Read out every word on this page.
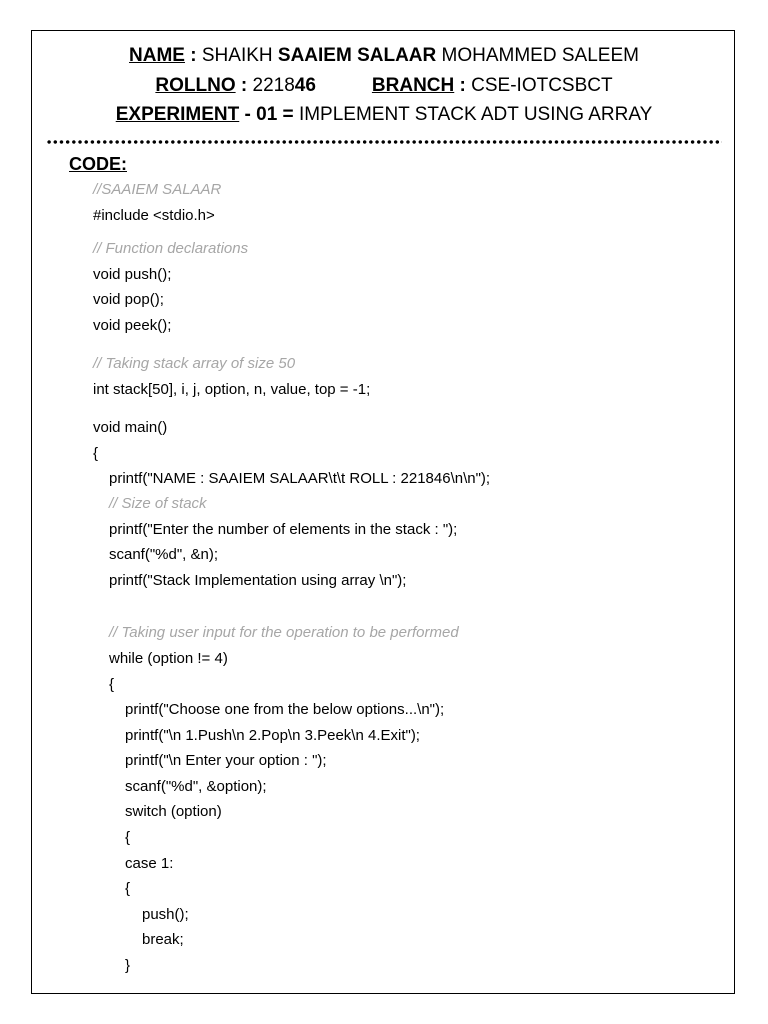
NAME : SHAIKH SAAIEM SALAAR MOHAMMED SALEEM
ROLLNO : 221846	BRANCH : CSE-IOTCSBCT
EXPERIMENT - 01 = IMPLEMENT STACK ADT USING ARRAY
CODE:
//SAAIEM SALAAR
#include <stdio.h>
// Function declarations
void push();
void pop();
void peek();
// Taking stack array of size 50
int stack[50], i, j, option, n, value, top = -1;
void main()
{
printf("NAME : SAAIEM SALAAR\t\t ROLL : 221846\n\n");
// Size of stack
printf("Enter the number of elements in the stack : ");
scanf("%d", &n);
printf("Stack Implementation using array \n");
// Taking user input for the operation to be performed
while (option != 4)
{
printf("Choose one from the below options...\n");
printf("\n 1.Push\n 2.Pop\n 3.Peek\n 4.Exit");
printf("\n Enter your option : ");
scanf("%d", &option);
switch (option)
{
case 1:
{
push();
break;
}
